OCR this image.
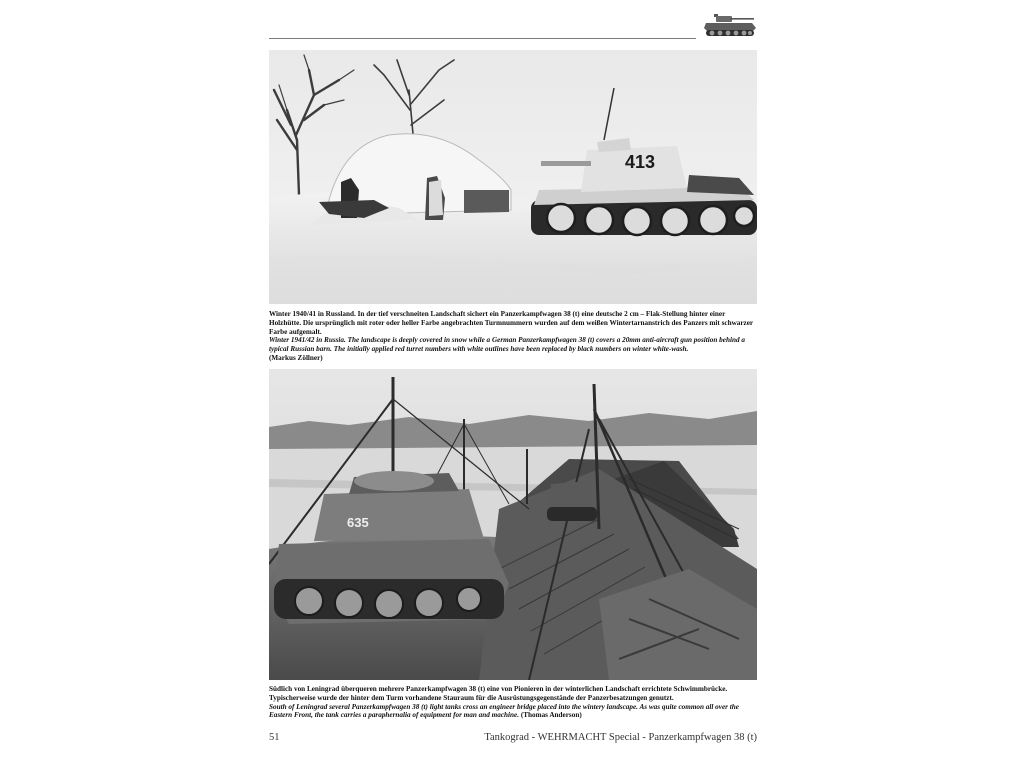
413

Winter 1940/41 in Russland. In der tief verschneiten Landschaft sichert ein Panzerkampfwagen 38 (t) eine deutsche 2 cm – Flak-Stellung hinter einer Holzhütte. Die ursprünglich mit roter oder heller Farbe angebrachten Turmnummern wurden auf dem weißen Wintertarnanstrich des Panzers mit schwarzer Farbe aufgemalt.

Winter 1941/42 in Russia. The landscape is deeply covered in snow while a German Panzerkampfwagen 38 (t) covers a 20mm anti-aircraft gun position behind a typical Russian barn. The initially applied red turret numbers with white outlines have been replaced by black numbers on winter white-wash.
(Markus Zöllner)

635

Südlich von Leningrad überqueren mehrere Panzerkampfwagen 38 (t) eine von Pionieren in der winterlichen Landschaft errichtete Schwimmbrücke. Typischerweise wurde der hinter dem Turm vorhandene Stauraum für die Ausrüstungsgegenstände der Panzerbesatzungen genutzt.

South of Leningrad several Panzerkampfwagen 38 (t) light tanks cross an engineer bridge placed into the wintery landscape. As was quite common all over the Eastern Front, the tank carries a paraphernalia of equipment for man and machine. (Thomas Anderson)

51	Tankograd - WEHRMACHT Special - Panzerkampfwagen 38 (t)
